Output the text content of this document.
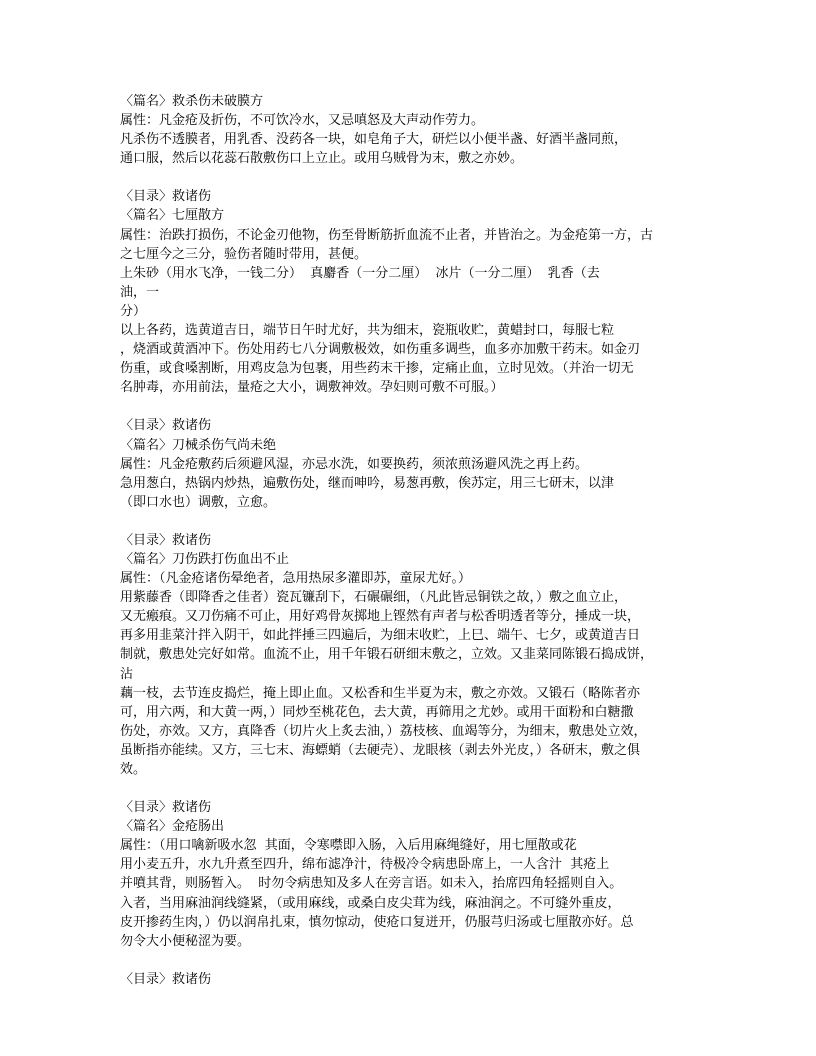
〈篇名〉救杀伤未破膜方
属性：凡金疮及折伤，不可饮冷水，又忌嗔怒及大声动作劳力。
凡杀伤不透膜者，用乳香、没药各一块，如皂角子大，研烂以小便半盏、好酒半盏同煎，
通口服，然后以花蕊石散敷伤口上立止。或用乌贼骨为末，敷之亦妙。
〈目录〉救诸伤
〈篇名〉七厘散方
属性：治跌打损伤，不论金刃他物，伤至骨断筋折血流不止者，并皆治之。为金疮第一方，古
之七厘今之三分，验伤者随时带用，甚便。
上朱砂（用水飞净，一钱二分）  真麝香（一分二厘）  冰片（一分二厘）  乳香（去
油，一
分）
以上各药，选黄道吉日，端节日午时尤好，共为细末，瓷瓶收贮，黄蜡封口，每服七粒
，烧酒或黄酒冲下。伤处用药七八分调敷极效，如伤重多调些，血多亦加敷干药末。如金刃
伤重，或食嗓割断，用鸡皮急为包裹，用些药末干掺，定痛止血，立时见效。（并治一切无
名肿毒，亦用前法，量疮之大小，调敷神效。孕妇则可敷不可服。）
〈目录〉救诸伤
〈篇名〉刀械杀伤气尚未绝
属性：凡金疮敷药后须避风湿，亦忌水洗，如要换药，须浓煎汤避风洗之再上药。
急用葱白，热锅内炒热，遍敷伤处，继而呻吟，易葱再敷，俟苏定，用三七研末，以津
（即口水也）调敷，立愈。
〈目录〉救诸伤
〈篇名〉刀伤跌打伤血出不止
属性：（凡金疮诸伤晕绝者，急用热尿多灌即苏，童尿尤好。）
用紫藤香（即降香之佳者）瓷瓦镰刮下，石碾碾细，（凡此皆忌铜铁之故，）敷之血立止，
又无瘢痕。又刀伤痛不可止，用好鸡骨灰掷地上铿然有声者与松香明透者等分，捶成一块，
再多用韭菜汁拌入阴干，如此拌捶三四遍后，为细末收贮，上巳、端午、七夕，或黄道吉日
制就，敷患处完好如常。血流不止，用千年锻石研细末敷之，立效。又韭菜同陈锻石捣成饼，
沾
藕一枝，去节连皮捣烂，掩上即止血。又松香和生半夏为末，敷之亦效。又锻石（略陈者亦
可，用六两，和大黄一两，）同炒至桃花色，去大黄，再筛用之尤妙。或用干面粉和白糖撒
伤处，亦效。又方，真降香（切片火上炙去油，）荔枝核、血竭等分，为细末，敷患处立效，
虽断指亦能续。又方，三七末、海螵蛸（去硬壳）、龙眼核（剥去外光皮，）各研末，敷之俱
效。
〈目录〉救诸伤
〈篇名〉金疮肠出
属性：（用口噙新吸水忽  其面，令寒噤即入肠，入后用麻绳缝好，用七厘散或花
用小麦五升，水九升煮至四升，绵布滤净汁，待极冷令病患卧席上，一人含汁  其疮上
并噴其背，则肠暂入。  时勿令病患知及多人在旁言语。如未入，抬席四角轻摇则自入。
入者，当用麻油润线缝紧，（或用麻线，或桑白皮尖茸为线，麻油润之。不可缝外重皮，
皮开掺药生肉，）仍以润帛扎束，慎勿惊动，使疮口复迸开，仍服芎归汤或七厘散亦好。总
勿令大小便秘涩为要。
〈目录〉救诸伤
